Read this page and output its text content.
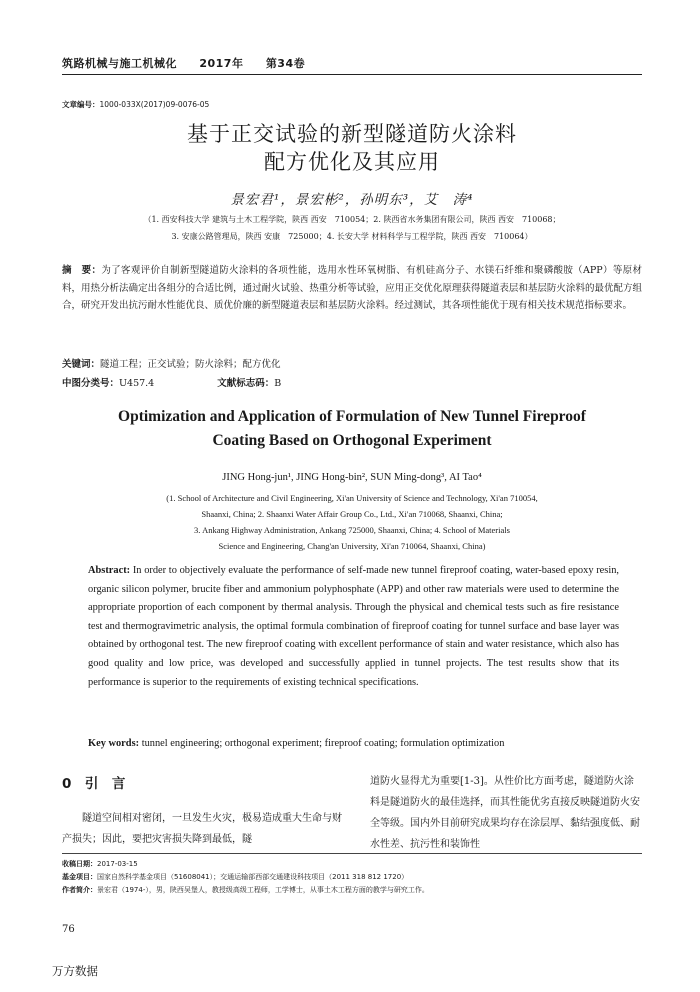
筑路机械与施工机械化 2017年 第34卷
文章编号：1000-033X(2017)09-0076-05
基于正交试验的新型隧道防火涂料
配方优化及其应用
景宏君¹，景宏彬²，孙明东³，艾　涛⁴
（1. 西安科技大学 建筑与土木工程学院，陕西 西安　710054；2. 陕西省水务集团有限公司，陕西 西安　710068；
3. 安康公路管理局，陕西 安康　725000；4. 长安大学 材料科学与工程学院，陕西 西安　710064）
摘　要：为了客观评价自制新型隧道防火涂料的各项性能，选用水性环氧树脂、有机硅高分子、水镁石纤维和聚磷酸胺（APP）等原材料，用热分析法确定出各组分的合适比例，通过耐火试验、热重分析等试验，应用正交优化原理获得隧道表层和基层防火涂料的最优配方组合，研究开发出抗污耐水性能优良、质优价廉的新型隧道表层和基层防火涂料。经过测试，其各项性能优于现有相关技术规范指标要求。
关键词：隧道工程；正交试验；防火涂料；配方优化
中图分类号：U457.4	文献标志码：B
Optimization and Application of Formulation of New Tunnel Fireproof
Coating Based on Orthogonal Experiment
JING Hong-jun¹, JING Hong-bin², SUN Ming-dong³, AI Tao⁴
(1. School of Architecture and Civil Engineering, Xi'an University of Science and Technology, Xi'an 710054,
Shaanxi, China; 2. Shaanxi Water Affair Group Co., Ltd., Xi'an 710068, Shaanxi, China;
3. Ankang Highway Administration, Ankang 725000, Shaanxi, China; 4. School of Materials
Science and Engineering, Chang'an University, Xi'an 710064, Shaanxi, China)
Abstract: In order to objectively evaluate the performance of self-made new tunnel fireproof coating, water-based epoxy resin, organic silicon polymer, brucite fiber and ammonium polyphosphate (APP) and other raw materials were used to determine the appropriate proportion of each component by thermal analysis. Through the physical and chemical tests such as fire resistance test and thermogravimetric analysis, the optimal formula combination of fireproof coating for tunnel surface and base layer was obtained by orthogonal test. The new fireproof coating with excellent performance of stain and water resistance, which also has good quality and low price, was developed and successfully applied in tunnel projects. The test results show that its performance is superior to the requirements of existing technical specifications.
Key words: tunnel engineering; orthogonal experiment; fireproof coating; formulation optimization
0　引　言
隧道空间相对密闭，一旦发生火灾，极易造成重大生命与财产损失；因此，要把灾害损失降到最低，隧
道防火显得尤为重要[1-3]。从性价比方面考虑，隧道防火涂料是隧道防火的最佳选择，而其性能优劣直接反映隧道防火安全等级。国内外目前研究成果均存在涂层厚、黏结强度低、耐水性差、抗污性和装饰性
收稿日期：2017-03-15
基金项目：国家自然科学基金项目（51608041）；交通运输部西部交通建设科技项目（2011 318 812 1720）
作者简介：景宏君（1974-），男，陕西吴堡人，教授级高级工程师，工学博士，从事土木工程方面的教学与研究工作。
76
万方数据
